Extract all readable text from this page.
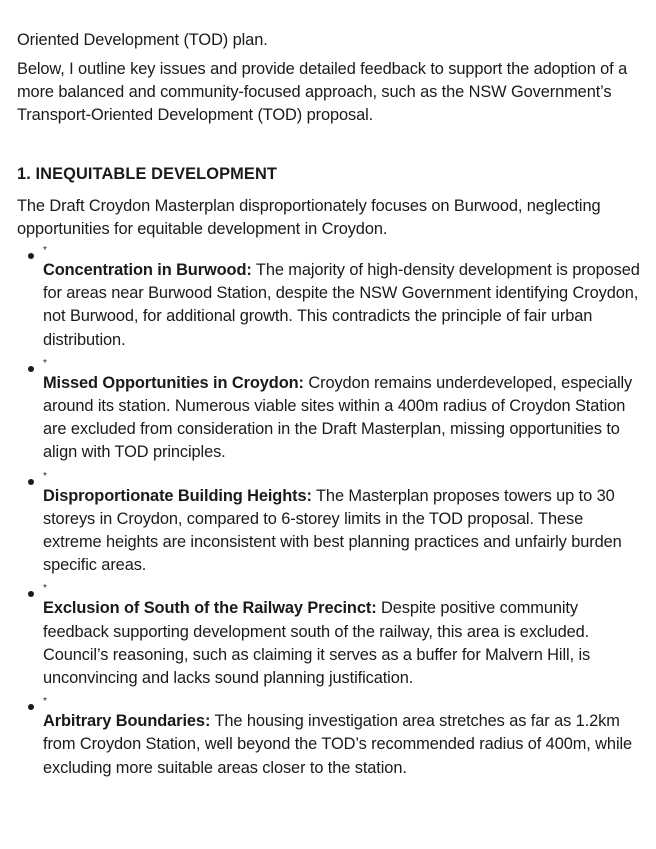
Oriented Development (TOD) plan.

Below, I outline key issues and provide detailed feedback to support the adoption of a more balanced and community-focused approach, such as the NSW Government’s Transport-Oriented Development (TOD) proposal.

1. INEQUITABLE DEVELOPMENT

The Draft Croydon Masterplan disproportionately focuses on Burwood, neglecting opportunities for equitable development in Croydon.

*

Concentration in Burwood: The majority of high-density development is proposed for areas near Burwood Station, despite the NSW Government identifying Croydon, not Burwood, for additional growth. This contradicts the principle of fair urban distribution.

*

Missed Opportunities in Croydon: Croydon remains underdeveloped, especially around its station. Numerous viable sites within a 400m radius of Croydon Station are excluded from consideration in the Draft Masterplan, missing opportunities to align with TOD principles.

*

Disproportionate Building Heights: The Masterplan proposes towers up to 30 storeys in Croydon, compared to 6-storey limits in the TOD proposal. These extreme heights are inconsistent with best planning practices and unfairly burden specific areas.

*

Exclusion of South of the Railway Precinct: Despite positive community feedback supporting development south of the railway, this area is excluded. Council’s reasoning, such as claiming it serves as a buffer for Malvern Hill, is unconvincing and lacks sound planning justification.

*

Arbitrary Boundaries: The housing investigation area stretches as far as 1.2km from Croydon Station, well beyond the TOD’s recommended radius of 400m, while excluding more suitable areas closer to the station.
